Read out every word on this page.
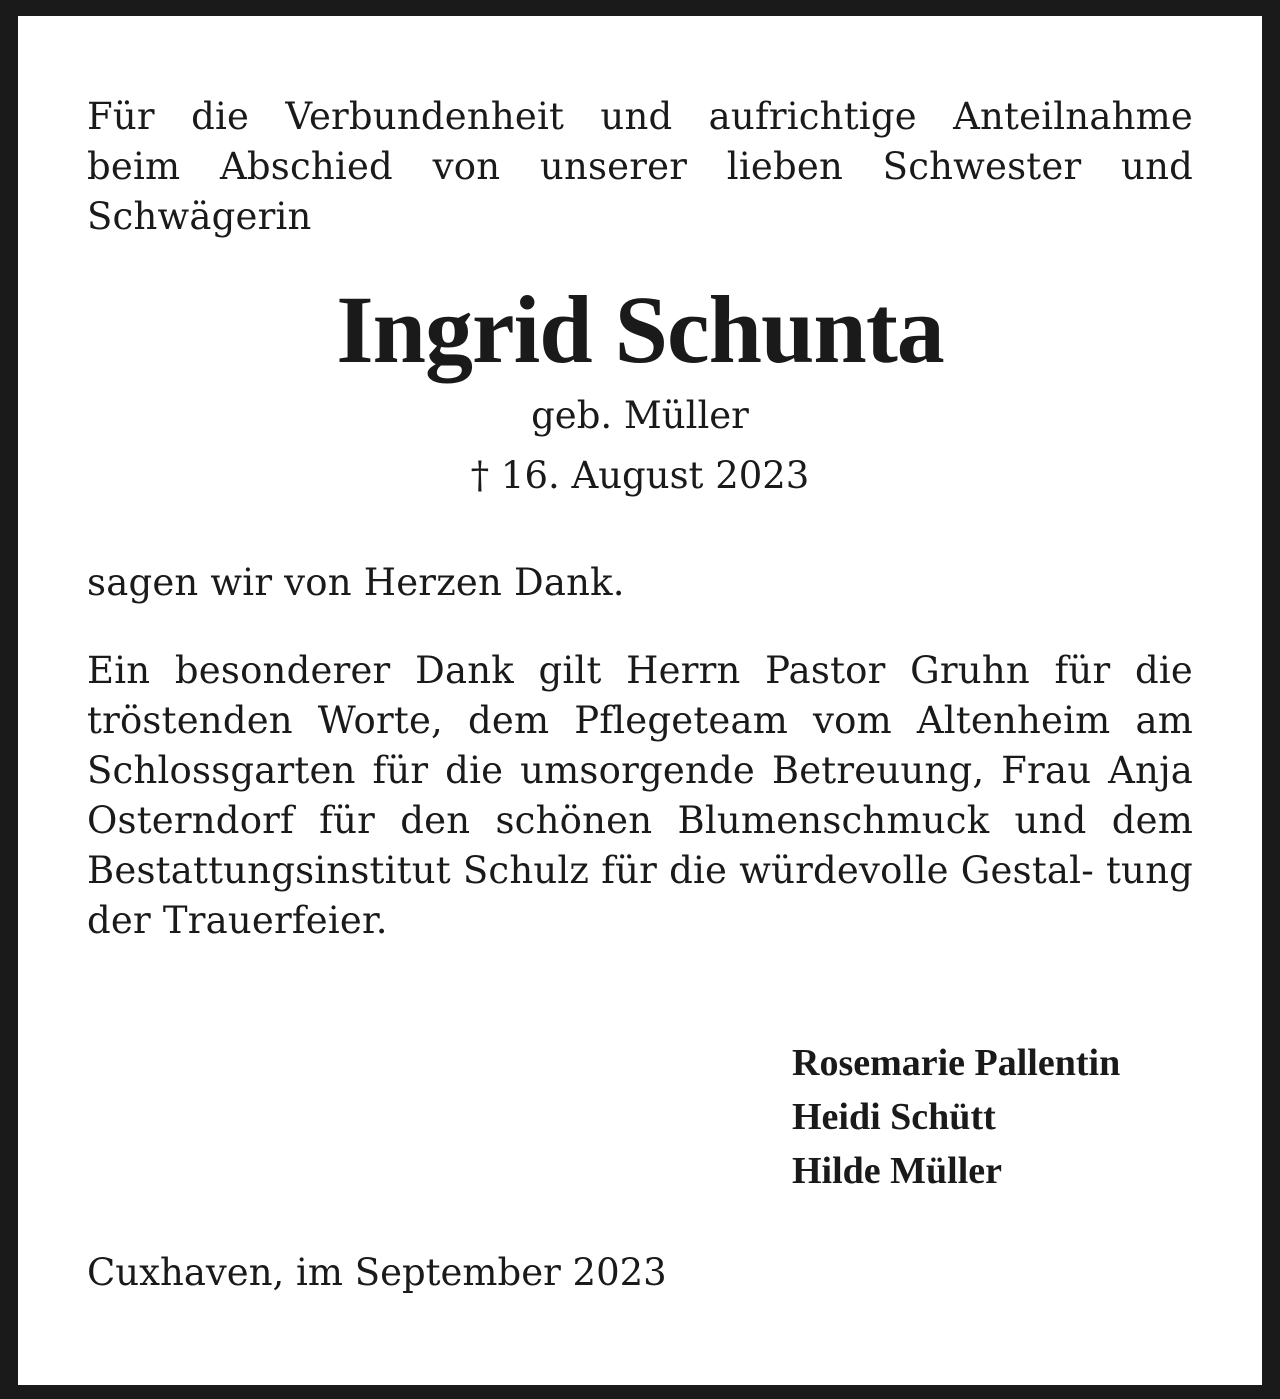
Für die Verbundenheit und aufrichtige Anteilnahme beim Abschied von unserer lieben Schwester und Schwägerin

Ingrid Schunta

geb. Müller

† 16. August 2023

sagen wir von Herzen Dank.

Ein besonderer Dank gilt Herrn Pastor Gruhn für die tröstenden Worte, dem Pflegeteam vom Altenheim am Schlossgarten für die umsorgende Betreuung, Frau Anja Osterndorf für den schönen Blumenschmuck und dem Bestattungsinstitut Schulz für die würdevolle Gestal- tung der Trauerfeier.

Rosemarie Pallentin

Heidi Schütt

Hilde Müller

Cuxhaven, im September 2023
